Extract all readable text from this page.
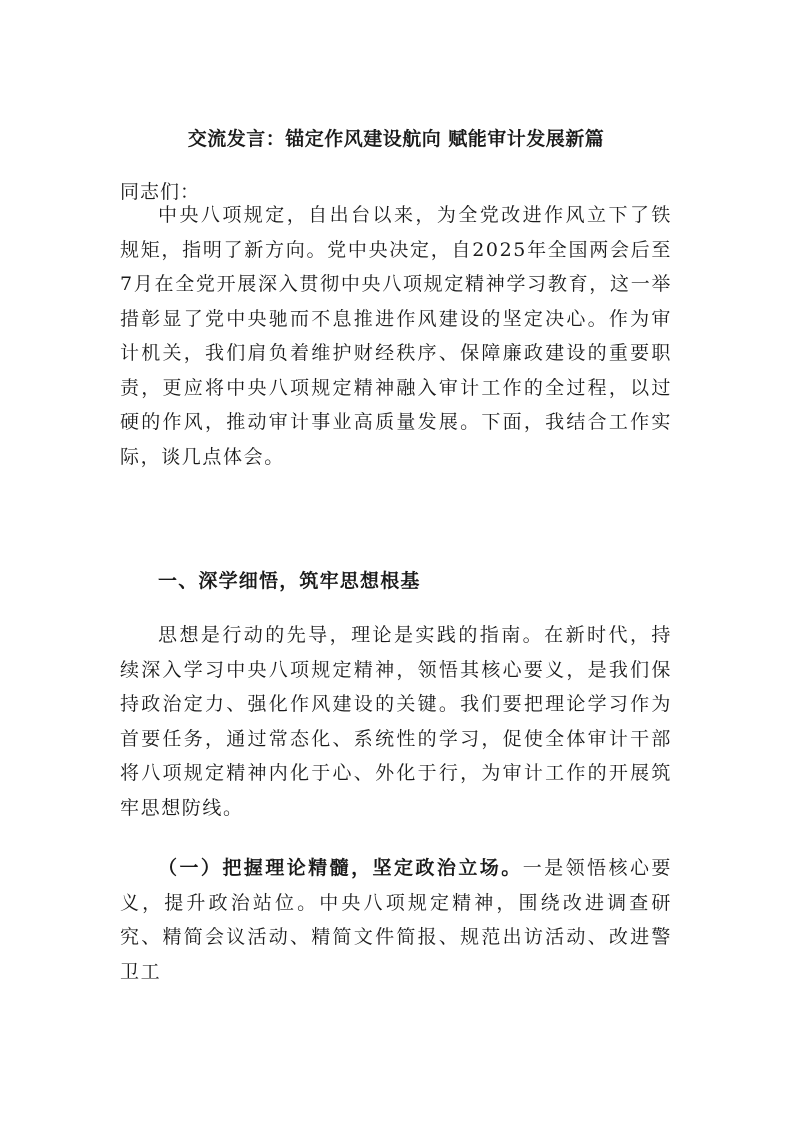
交流发言：锚定作风建设航向 赋能审计发展新篇
同志们：

中央八项规定，自出台以来，为全党改进作风立下了铁规矩，指明了新方向。党中央决定，自2025年全国两会后至7月在全党开展深入贯彻中央八项规定精神学习教育，这一举措彰显了党中央驰而不息推进作风建设的坚定决心。作为审计机关，我们肩负着维护财经秩序、保障廉政建设的重要职责，更应将中央八项规定精神融入审计工作的全过程，以过硬的作风，推动审计事业高质量发展。下面，我结合工作实际，谈几点体会。

一、深学细悟，筑牢思想根基

思想是行动的先导，理论是实践的指南。在新时代，持续深入学习中央八项规定精神，领悟其核心要义，是我们保持政治定力、强化作风建设的关键。我们要把理论学习作为首要任务，通过常态化、系统性的学习，促使全体审计干部将八项规定精神内化于心、外化于行，为审计工作的开展筑牢思想防线。

（一）把握理论精髓，坚定政治立场。一是领悟核心要义，提升政治站位。中央八项规定精神，围绕改进调查研究、精简会议活动、精简文件简报、规范出访活动、改进警卫工
